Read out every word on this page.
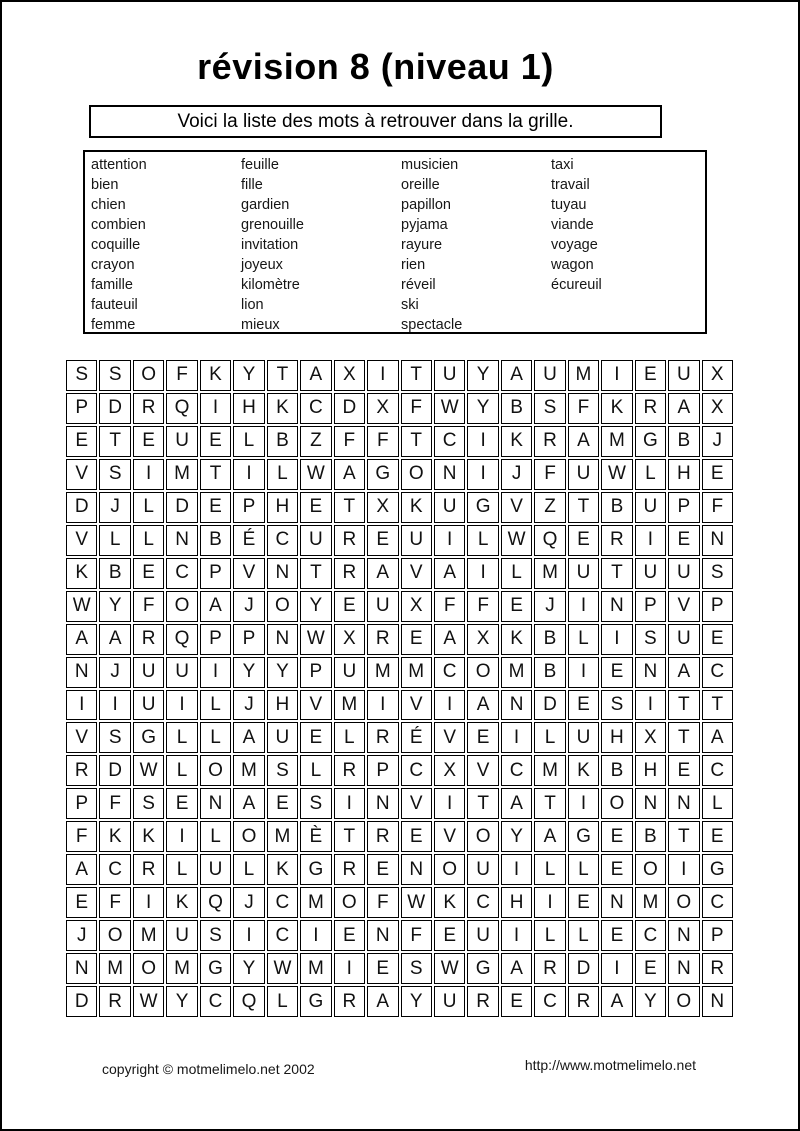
révision 8 (niveau 1)
Voici la liste des mots à retrouver dans la grille.
attention
bien
chien
combien
coquille
crayon
famille
fauteuil
femme
feuille
fille
gardien
grenouille
invitation
joyeux
kilomètre
lion
mieux
musicien
oreille
papillon
pyjama
rayure
rien
réveil
ski
spectacle
taxi
travail
tuyau
viande
voyage
wagon
écureuil
S	S	O	F	K	Y	T	A	X	I	T	U	Y	A	U M	I	E	U	X
P	D	R	Q	I	H	K	C	D	X	F W Y	B	S	F	K	R	A	X
E	T	E	U	E	L	B	Z	F	F	T	C	I	K	R	A	M G	B	J
V	S	I	M	T	I	L	W A	G O	N	I	J	F	U W	L	H	E
D	J	L	D	E	P	H	E	T	X	K	U	G	V	Z	T	B	U	P	F
V	L	L	N	B	É	C	U	R	E	U	I	L	W Q	E	R	I	E	N
K	B	E	C	P	V	N	T	R	A	V	A	I	L	M U	T	U	U	S
W Y	F	O	A	J	O	Y	E	U	X	F	F	E	J	I	N	P	V	P
A	A	R	Q	P	P	N W X	R	E	A	X	K	B	L	I	S	U	E
N	J	U	U	I	Y	Y	P	U M M C	O M	B	I	E	N	A	C
I	I	U	I	L	J	H	V	M	I	V	I	A	N	D	E	S	I	T	T
V	S	G	L	L	A	U	E	L	R	É	V	E	I	L	U	H	X	T	A
R	D W	L	O M	S	L	R	P	C	X	V	C M	K	B	H	E	C
P	F	S	E	N	A	E	S	I	N	V	I	T	A	T	I	O	N	N	L
F	K	K	I	L	O M	È	T	R	E	V	O	Y	A	G	E	B	T	E
A	C	R	L	U	L	K	G	R	E	N	O	U	I	L	L	E	O	I	G
E	F	I	K	Q	J	C M O	F W K	C	H	I	E	N M O	C
J	O M U	S	I	C	I	E	N	F	E	U	I	L	L	E	C	N	P
N M O M G	Y W M	I	E	S W G	A	R	D	I	E	N	R
D	R W Y	C	Q	L	G	R	A	Y	U	R	E	C	R	A	Y	O	N
copyright © motmelimelo.net 2002	http://www.motmelimelo.net
